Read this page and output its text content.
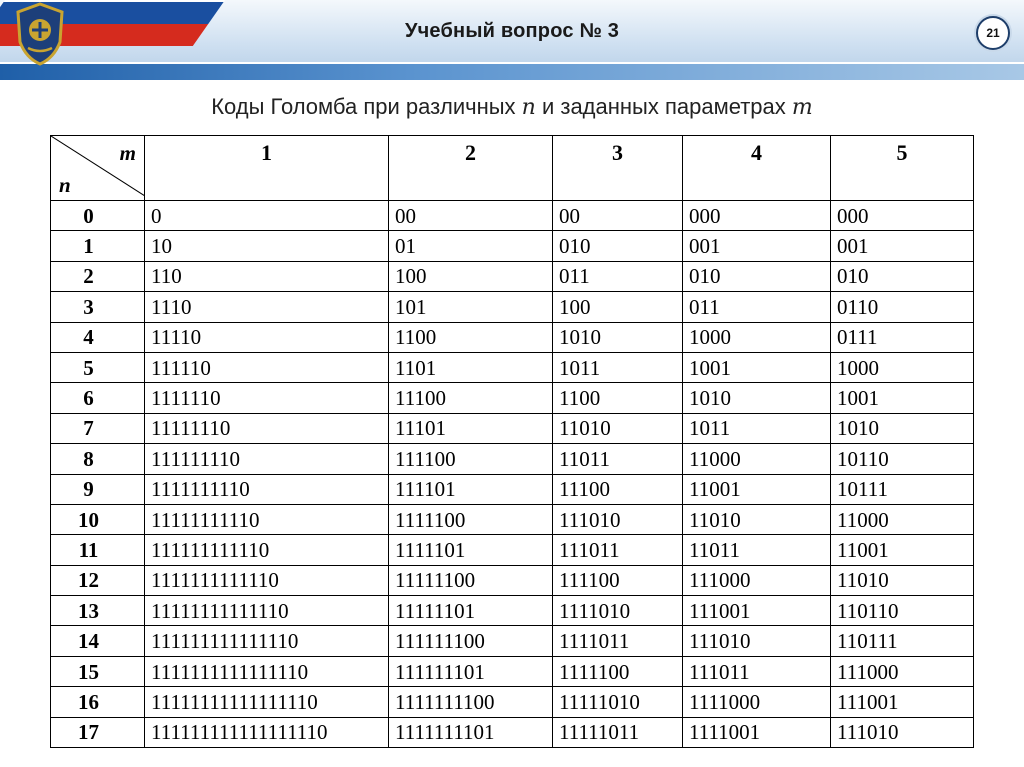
Учебный вопрос № 3	21
Коды Голомба при различных n и заданных параметрах m
m
n	1	2	3	4	5
0	0	00	00	000	000
1	10	01	010	001	001
2	110	100	011	010	010
3	1110	101	100	011	0110
4	11110	1100	1010	1000	0111
5	111110	1101	1011	1001	1000
6	1111110	11100	1100	1010	1001
7	11111110	11101	11010	1011	1010
8	111111110	111100	11011	11000	10110
9	1111111110	111101	11100	11001	10111
10	11111111110	1111100	111010	11010	11000
11	111111111110	1111101	111011	11011	11001
12	1111111111110	11111100	111100	111000	11010
13	11111111111110	11111101	1111010	111001	110110
14	111111111111110	111111100	1111011	111010	110111
15	1111111111111110	111111101	1111100	111011	111000
16	11111111111111110	1111111100	11111010	1111000	111001
17	111111111111111110	1111111101	11111011	1111001	111010
